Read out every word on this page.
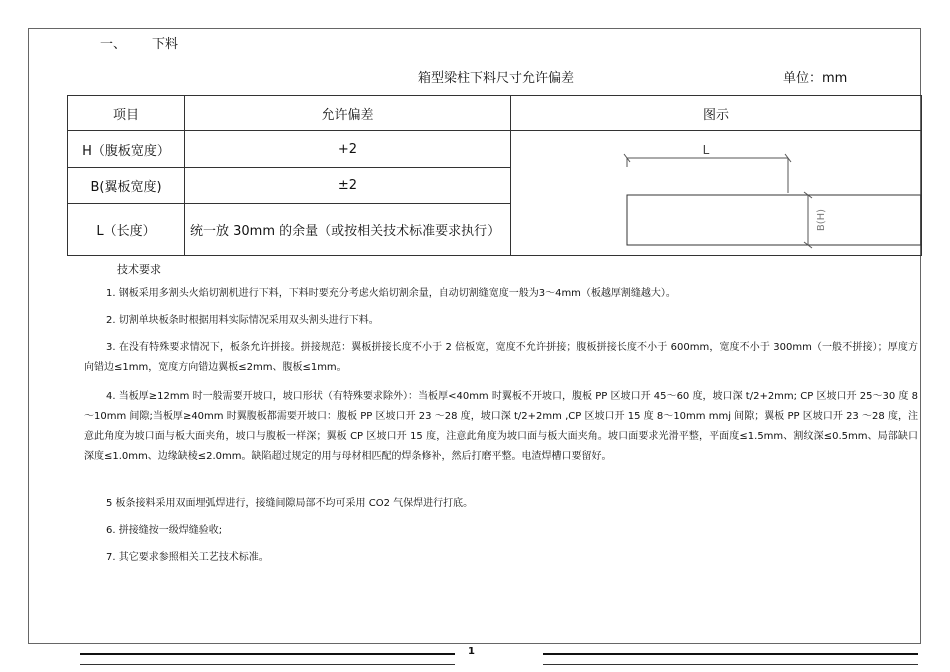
一、 下料
箱型梁柱下料尺寸允许偏差	单位：mm
项目	允许偏差	图示
H（腹板宽度）	+2	L
B(H)

B(翼板宽度)	±2	
L（长度）	统一放 30mm 的余量（或按相关技术标准要求执行）	
技术要求
1. 钢板采用多割头火焰切割机进行下料，下料时要充分考虑火焰切割余量，自动切割缝宽度一般为3～4mm（板越厚割缝越大）。
2. 切割单块板条时根据用料实际情况采用双头割头进行下料。
3. 在没有特殊要求情况下，板条允许拼接。拼接规范：翼板拼接长度不小于 2 倍板宽，宽度不允许拼接；腹板拼接长度不小于 600mm，宽度不小于 300mm（一般不拼接）；厚度方向错边≤1mm，宽度方向错边翼板≤2mm、腹板≤1mm。
4. 当板厚≥12mm 时一般需要开坡口，坡口形状（有特殊要求除外）：当板厚<40mm 时翼板不开坡口，腹板 PP 区坡口开 45～60 度，坡口深 t/2+2mm; CP 区坡口开 25～30 度 8～10mm 间隙;当板厚≥40mm 时翼腹板都需要开坡口：腹板 PP 区坡口开 23 ～28 度，坡口深 t/2+2mm ,CP 区坡口开 15 度 8～10mm mmj 间隙；翼板 PP 区坡口开 23 ～28 度，注意此角度为坡口面与板大面夹角，坡口与腹板一样深；翼板 CP 区坡口开 15 度，注意此角度为坡口面与板大面夹角。坡口面要求光滑平整，平面度≤1.5mm、割纹深≤0.5mm、局部缺口深度≤1.0mm、边缘缺棱≤2.0mm。缺陷超过规定的用与母材相匹配的焊条修补，然后打磨平整。电渣焊槽口要留好。
5 板条接料采用双面埋弧焊进行，接缝间隙局部不均可采用 CO2 气保焊进行打底。
6. 拼接缝按一级焊缝验收;
7. 其它要求参照相关工艺技术标准。
1
